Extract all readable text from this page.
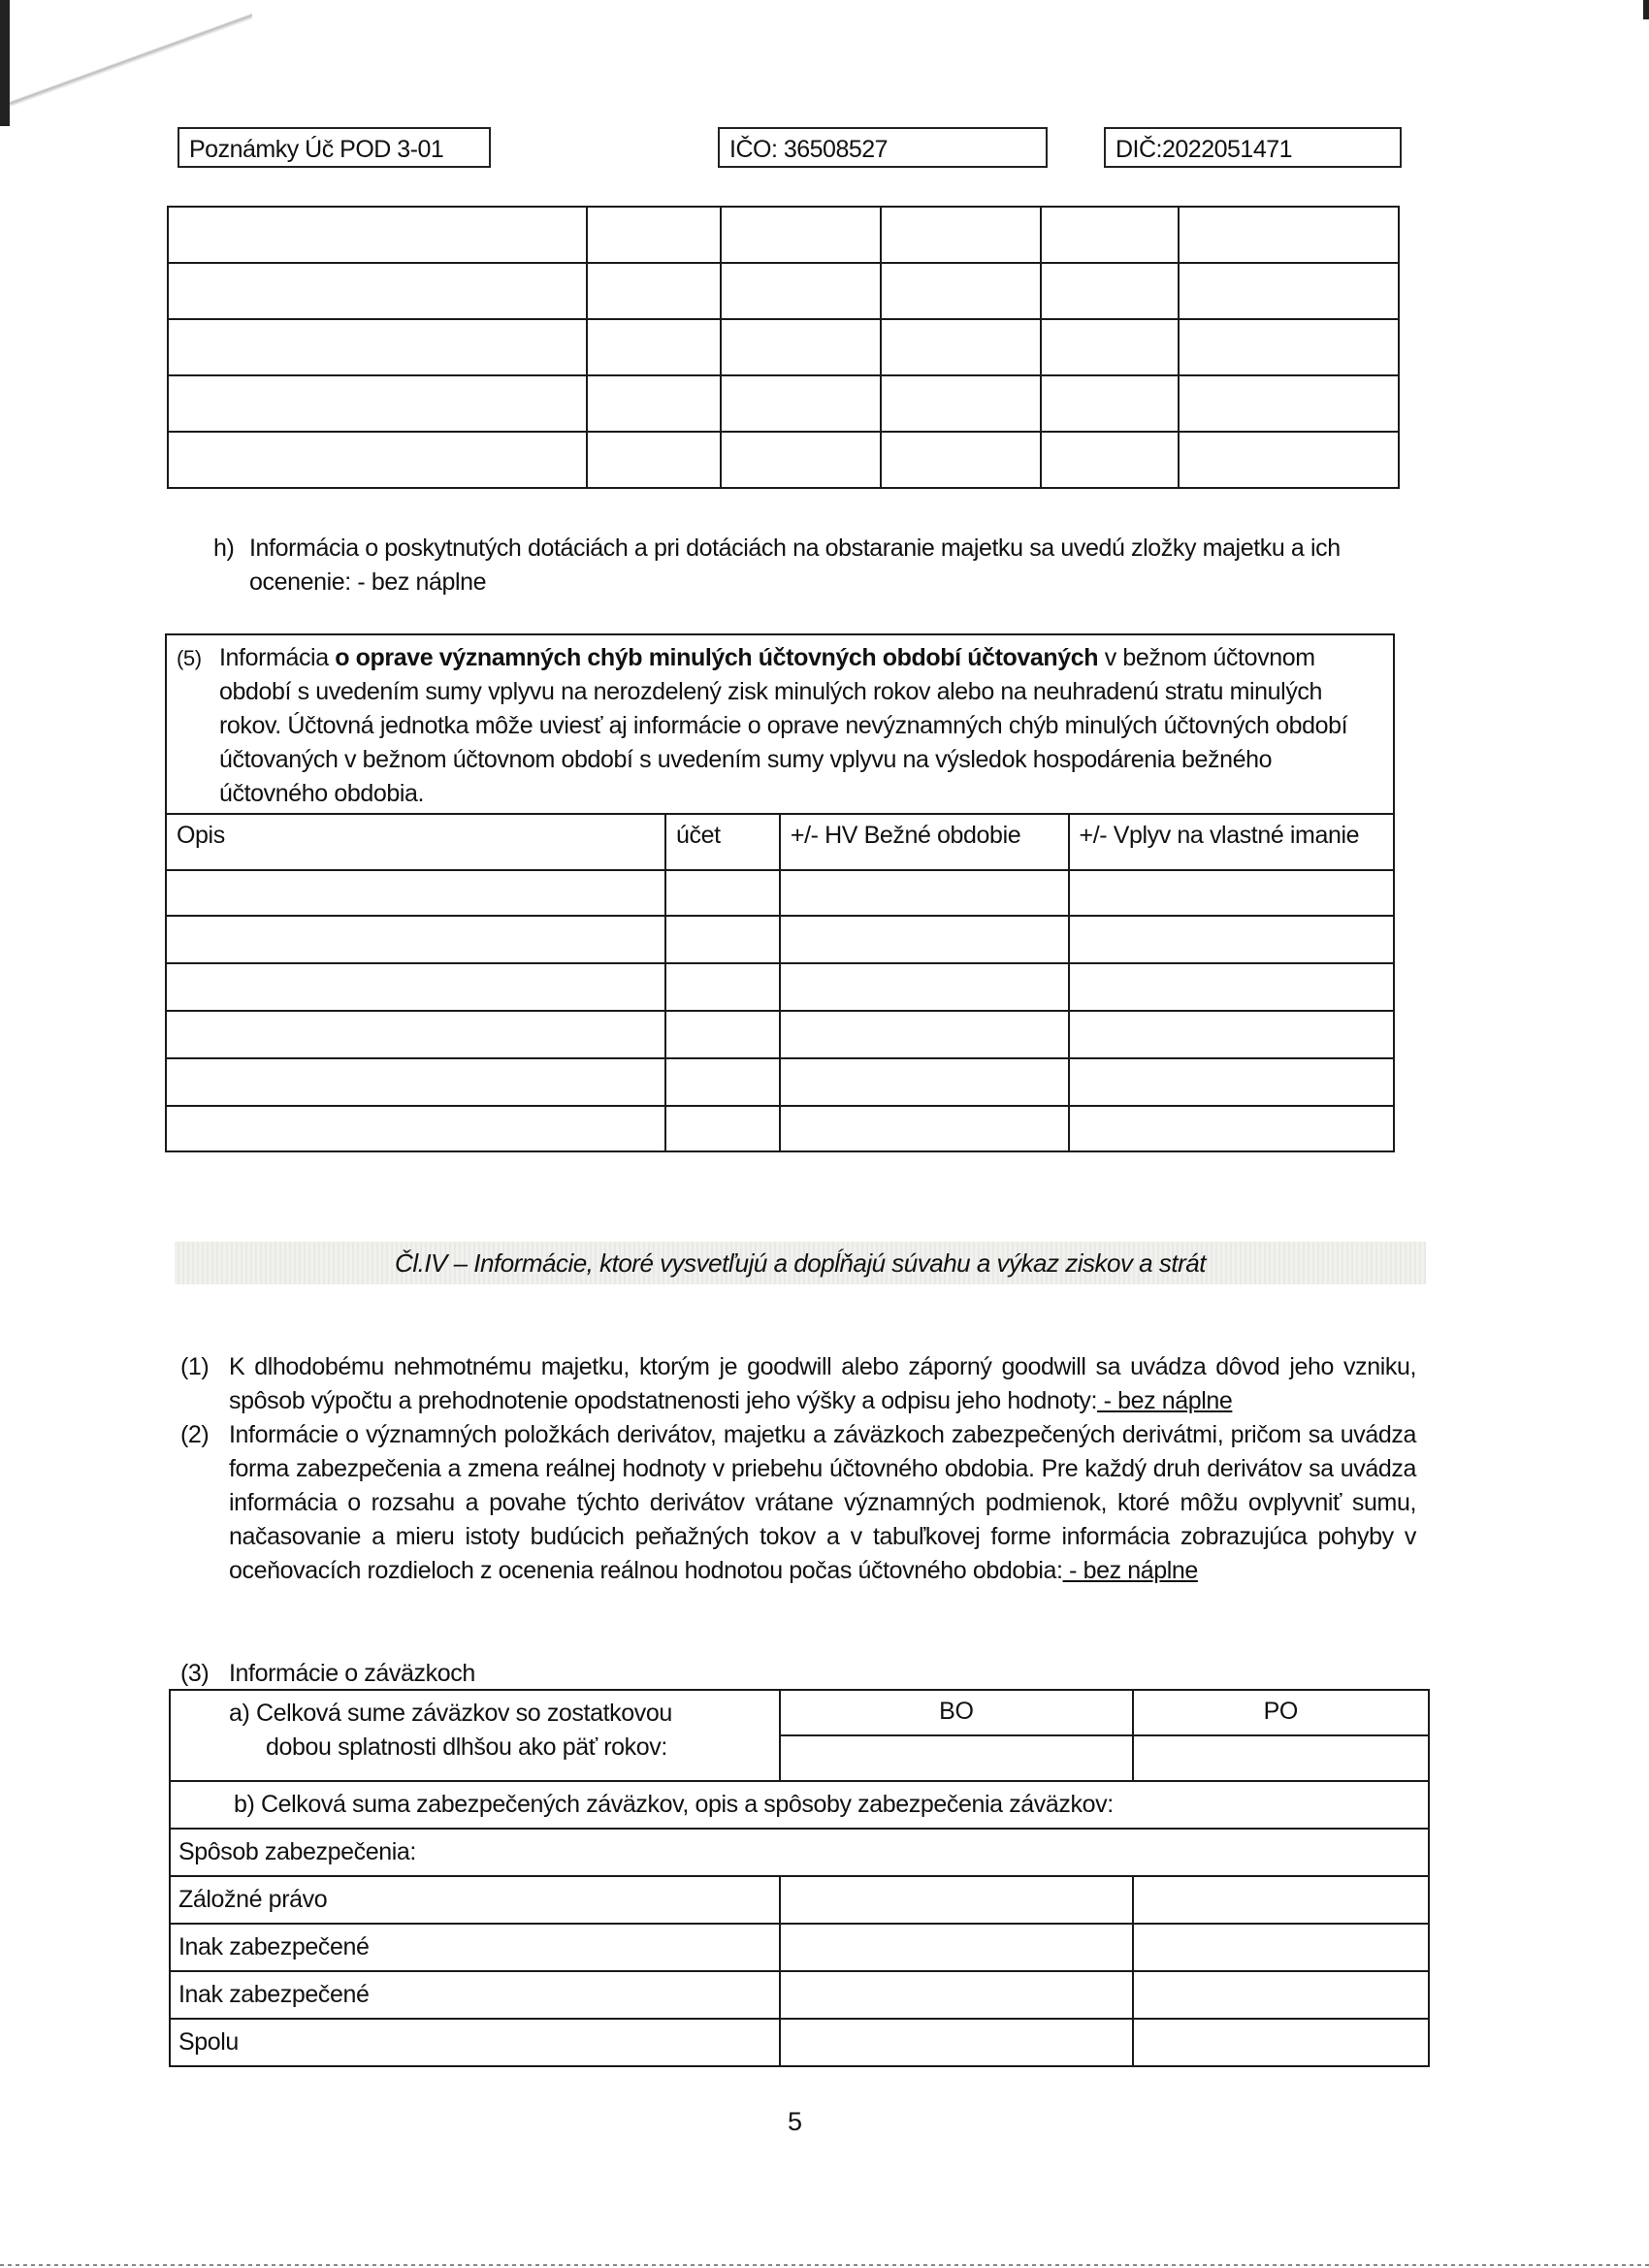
Poznámky Úč POD 3-01	IČO: 36508527	DIČ:2022051471

h) Informácia o poskytnutých dotáciách a pri dotáciách na obstaranie majetku sa uvedú zložky majetku a ich ocenenie: - bez náplne
(5) Informácia o oprave významných chýb minulých účtovných období účtovaných v bežnom účtovnom období s uvedením sumy vplyvu na nerozdelený zisk minulých rokov alebo na neuhradenú stratu minulých rokov. Účtovná jednotka môže uviesť aj informácie o oprave nevýznamných chýb minulých účtovných období účtovaných v bežnom účtovnom období s uvedením sumy vplyvu na výsledok hospodárenia bežného účtovného obdobia.			

Opis	účet	+/- HV Bežné obdobie	+/- Vplyv na vlastné imanie

Čl.IV – Informácie, ktoré vysvetľujú a dopĺňajú súvahu a výkaz ziskov a strát
(1) K dlhodobému nehmotnému majetku, ktorým je goodwill alebo záporný goodwill sa uvádza dôvod jeho vzniku, spôsob výpočtu a prehodnotenie opodstatnenosti jeho výšky a odpisu jeho hodnoty: - bez náplne
(2) Informácie o významných položkách derivátov, majetku a záväzkoch zabezpečených derivátmi, pričom sa uvádza forma zabezpečenia a zmena reálnej hodnoty v priebehu účtovného obdobia. Pre každý druh derivátov sa uvádza informácia o rozsahu a povahe týchto derivátov vrátane významných podmienok, ktoré môžu ovplyvniť sumu, načasovanie a mieru istoty budúcich peňažných tokov a v tabuľkovej forme informácia zobrazujúca pohyby v oceňovacích rozdieloch z ocenenia reálnou hodnotou počas účtovného obdobia: - bez náplne
(3) Informácie o záväzkoch
a) Celková sume záväzkov so zostatkovou
dobou splatnosti dlhšou ako päť rokov:	BO	PO

b) Celková suma zabezpečených záväzkov, opis a spôsoby zabezpečenia záväzkov:		
Spôsob zabezpečenia:		
Záložné právo		
Inak zabezpečené		
Inak zabezpečené		
Spolu		
5
